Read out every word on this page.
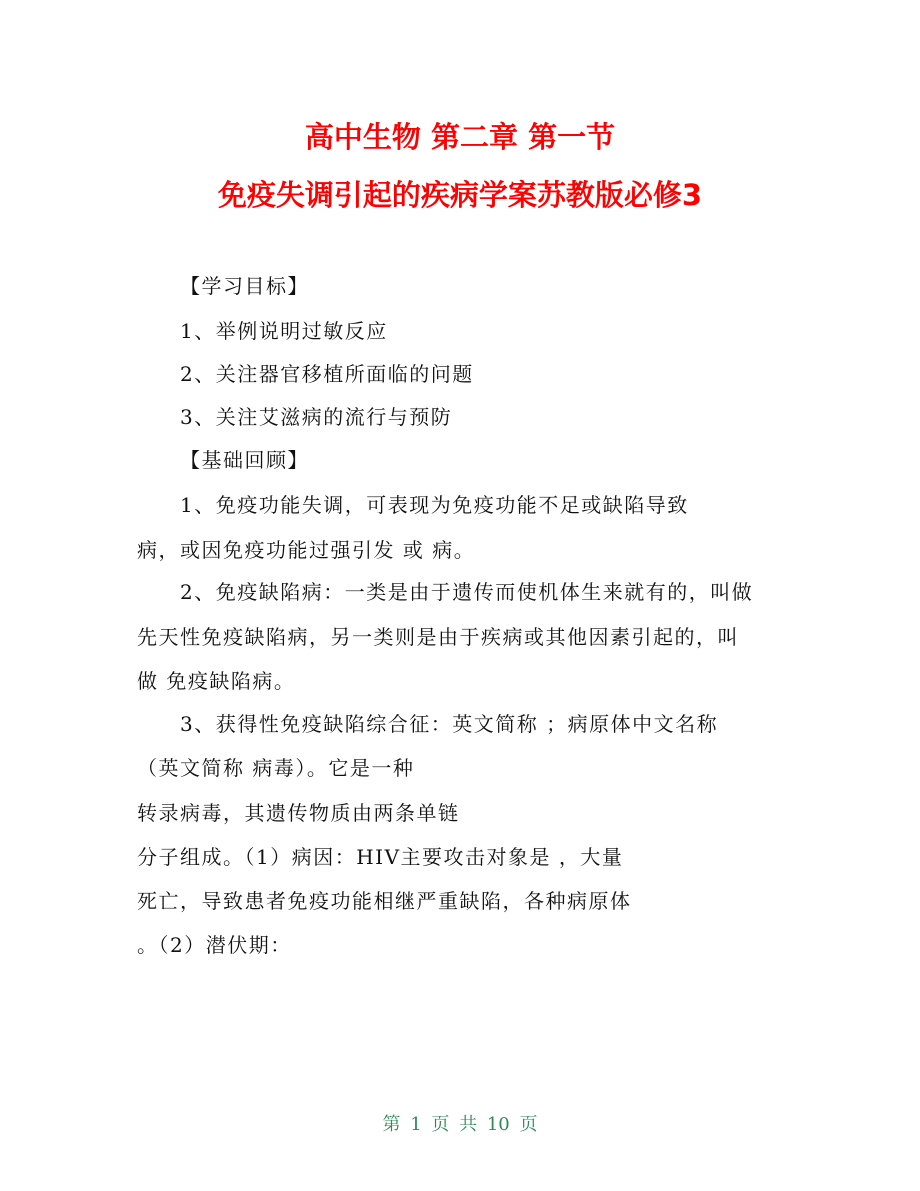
高中生物 第二章 第一节
免疫失调引起的疾病学案苏教版必修3
【学习目标】
1、举例说明过敏反应
2、关注器官移植所面临的问题
3、关注艾滋病的流行与预防
【基础回顾】
1、免疫功能失调，可表现为免疫功能不足或缺陷导致
病，或因免疫功能过强引发 或 病。
2、免疫缺陷病：一类是由于遗传而使机体生来就有的，叫做
先天性免疫缺陷病，另一类则是由于疾病或其他因素引起的，叫
做 免疫缺陷病。
3、获得性免疫缺陷综合征：英文简称 ；病原体中文名称
（英文简称 病毒）。它是一种
转录病毒，其遗传物质由两条单链
分子组成。（1）病因：HIV主要攻击对象是 ，大量
死亡，导致患者免疫功能相继严重缺陷，各种病原体
。（2）潜伏期：
第 1 页 共 10 页
